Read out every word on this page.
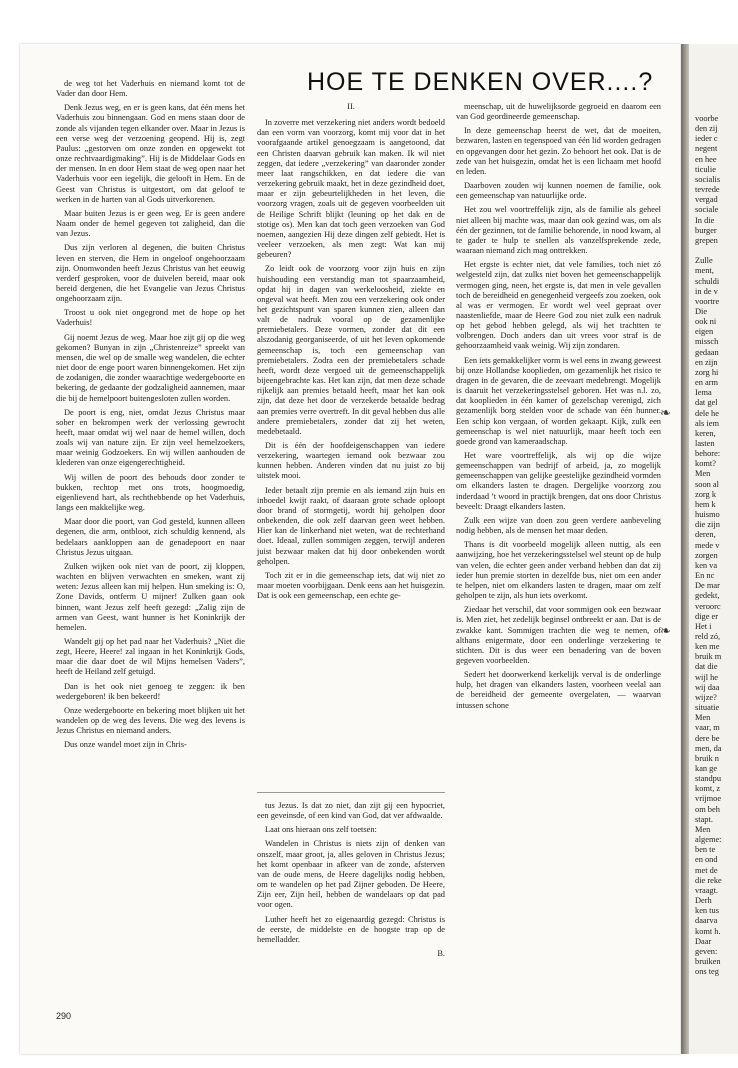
HOE TE DENKEN OVER....?

de weg tot het Vaderhuis en niemand komt tot de Vader dan door Hem.

Denk Jezus weg, en er is geen kans, dat één mens het Vaderhuis zou binnengaan. God en mens staan door de zonde als vijanden tegen elkander over. Maar in Jezus is een verse weg der verzoening geopend. Hij is, zegt Paulus: „gestorven om onze zonden en opgewekt tot onze rechtvaardigmaking”. Hij is de Middelaar Gods en der mensen. In en door Hem staat de weg open naar het Vaderhuis voor een iegelijk, die gelooft in Hem. En de Geest van Christus is uitgestort, om dat geloof te werken in de harten van al Gods uitverkorenen.

Maar buiten Jezus is er geen weg. Er is geen andere Naam onder de hemel gegeven tot zaligheid, dan die van Jezus.

Dus zijn verloren al degenen, die buiten Christus leven en sterven, die Hem in ongeloof ongehoorzaam zijn. Onomwonden heeft Jezus Christus van het eeuwig verderf gesproken, voor de duivelen bereid, maar ook bereid dergenen, die het Evangelie van Jezus Christus ongehoorzaam zijn.

Troost u ook niet ongegrond met de hope op het Vaderhuis!

Gij noemt Jezus de weg. Maar hoe zijt gij op die weg gekomen? Bunyan in zijn „Christenreize” spreekt van mensen, die wel op de smalle weg wandelen, die echter niet door de enge poort waren binnengekomen. Het zijn de zodanigen, die zonder waarachtige wedergeboorte en bekering, de gedaante der godzaligheid aannemen, maar die bij de hemelpoort buitengesloten zullen worden.

De poort is eng, niet, omdat Jezus Christus maar sober en bekrompen werk der verlossing gewrocht heeft, maar omdat wij wel naar de hemel willen, doch zoals wij van nature zijn. Er zijn veel hemelzoekers, maar weinig Godzoekers. En wij willen aanhouden de klederen van onze eigengerechtigheid.

Wij willen de poort des behouds door zonder te bukken, rechtop met ons trots, hoogmoedig, eigenlievend hart, als rechthebbende op het Vaderhuis, langs een makkelijke weg.

Maar door die poort, van God gesteld, kunnen alleen degenen, die arm, ontbloot, zich schuldig kennend, als bedelaars aankloppen aan de genadepoort en naar Christus Jezus uitgaan.

Zulken wijken ook niet van de poort, zij kloppen, wachten en blijven verwachten en smeken, want zij weten: Jezus alleen kan mij helpen. Hun smeking is: O, Zone Davids, ontferm U mijner! Zulken gaan ook binnen, want Jezus zelf heeft gezegd: „Zalig zijn de armen van Geest, want hunner is het Koninkrijk der hemelen.

Wandelt gij op het pad naar het Vaderhuis? „Niet die zegt, Heere, Heere! zal ingaan in het Koninkrijk Gods, maar die daar doet de wil Mijns hemelsen Vaders”, heeft de Heiland zelf getuigd.

Dan is het ook niet genoeg te zeggen: ik ben wedergeboren! ik ben bekeerd!

Onze wedergeboorte en bekering moet blijken uit het wandelen op de weg des levens. Die weg des levens is Jezus Christus en niemand anders.

Dus onze wandel moet zijn in Chris-

II.

In zoverre met verzekering niet anders wordt bedoeld dan een vorm van voorzorg, komt mij voor dat in het voorafgaande artikel genoegzaam is aangetoond, dat een Christen daarvan gebruik kan maken. Ik wil niet zeggen, dat iedere „verzekering” van daaronder zonder meer laat rangschikken, en dat iedere die van verzekering gebruik maakt, het in deze gezindheid doet, maar er zijn gebeurtelijkheden in het leven, die voorzorg vragen, zoals uit de gegeven voorbeelden uit de Heilige Schrift blijkt (leuning op het dak en de stotige os). Men kan dat toch geen verzoeken van God noemen, aangezien Hij deze dingen zelf gebiedt. Het is veeleer verzoeken, als men zegt: Wat kan mij gebeuren?

Zo leidt ook de voorzorg voor zijn huis en zijn huishouding een verstandig man tot spaarzaamheid, opdat hij in dagen van werkeloosheid, ziekte en ongeval wat heeft. Men zou een verzekering ook onder het gezichtspunt van sparen kunnen zien, alleen dan valt de nadruk vooral op de gezamenlijke premiebetalers. Deze vormen, zonder dat dit een alszodanig georganiseerde, of uit het leven opkomende gemeenschap is, toch een gemeenschap van premiebetalers. Zodra een der premiebetalers schade heeft, wordt deze vergoed uit de gemeenschappelijk bijeengebrachte kas. Het kan zijn, dat men deze schade rijkelijk aan premies betaald heeft, maar het kan ook zijn, dat deze het door de verzekerde betaalde bedrag aan premies verre overtreft. In dit geval hebben dus alle andere premiebetalers, zonder dat zij het weten, medebetaald.

Dit is één der hoofdeigenschappen van iedere verzekering, waartegen iemand ook bezwaar zou kunnen hebben. Anderen vinden dat nu juist zo bij uitstek mooi.

Ieder betaalt zijn premie en als iemand zijn huis en inboedel kwijt raakt, of daaraan grote schade oploopt door brand of stormgetij, wordt hij geholpen door onbekenden, die ook zelf daarvan geen weet hebben. Hier kan de linkerhand niet weten, wat de rechterhand doet. Ideaal, zullen sommigen zeggen, terwijl anderen juist bezwaar maken dat hij door onbekenden wordt geholpen.

Toch zit er in die gemeenschap iets, dat wij niet zo maar moeten voorbijgaan. Denk eens aan het huisgezin. Dat is ook een gemeenschap, een echte ge-

tus Jezus. Is dat zo niet, dan zijt gij een hypocriet, een geveinsde, of een kind van God, dat ver afdwaalde.

Laat ons hieraan ons zelf toetsen:

Wandelen in Christus is niets zijn of denken van onszelf, maar groot, ja, alles geloven in Christus Jezus; het komt openbaar in afkeer van de zonde, afsterven van de oude mens, de Heere dagelijks nodig hebben, om te wandelen op het pad Zijner geboden. De Heere, Zijn eer, Zijn heil, hebben de wandelaars op dat pad voor ogen.

Luther heeft het zo eigenaardig gezegd: Christus is de eerste, de middelste en de hoogste trap op de hemelladder.

B.

meenschap, uit de huwelijksorde gegroeid en daarom een van God geordineerde gemeenschap.

In deze gemeenschap heerst de wet, dat de moeiten, bezwaren, lasten en tegenspoed van één lid worden gedragen en opgevangen door het gezin. Zo behoort het ook. Dat is de zede van het huisgezin, omdat het is een lichaam met hoofd en leden.

Daarboven zouden wij kunnen noemen de familie, ook een gemeenschap van natuurlijke orde.

Het zou wel voortreffelijk zijn, als de familie als geheel niet alleen bij machte was, maar dan ook gezind was, om als één der gezinnen, tot de familie behorende, in nood kwam, al te gader te hulp te snellen als vanzelfsprekende zede, waaraan niemand zich mag onttrekken.

Het ergste is echter niet, dat vele families, toch niet zó welgesteld zijn, dat zulks niet boven het gemeenschappelijk vermogen ging, neen, het ergste is, dat men in vele gevallen toch de bereidheid en genegenheid vergeefs zou zoeken, ook al was er vermogen. Er wordt wel veel gepraat over naastenliefde, maar de Heere God zou niet zulk een nadruk op het gebod hebben gelegd, als wij het trachtten te volbrengen. Doch anders dan uit vrees voor straf is de gehoorzaamheid vaak weinig. Wij zijn zondaren.

Een iets gemakkelijker vorm is wel eens in zwang geweest bij onze Hollandse kooplieden, om gezamenlijk het risico te dragen in de gevaren, die de zeevaart medebrengt. Mogelijk is daaruit het verzekeringsstelsel geboren. Het was n.l. zo, dat kooplieden in één kamer of gezelschap verenigd, zich gezamenlijk borg stelden voor de schade van één hunner. Een schip kon vergaan, of worden gekaapt. Kijk, zulk een gemeenschap is wel niet natuurlijk, maar heeft toch een goede grond van kameraadschap.

Het ware voortreffelijk, als wij op die wijze gemeenschappen van bedrijf of arbeid, ja, zo mogelijk gemeenschappen van gelijke geestelijke gezindheid vormden om elkanders lasten te dragen. Dergelijke voorzorg zou inderdaad ’t woord in practijk brengen, dat ons door Christus beveelt: Draagt elkanders lasten.

Zulk een wijze van doen zou geen verdere aanbeveling nodig hebben, als de mensen het maar deden.

Thans is dit voorbeeld mogelijk alleen nuttig, als een aanwijzing, hoe het verzekeringsstelsel wel steunt op de hulp van velen, die echter geen ander verband hebben dan dat zij ieder hun premie storten in dezelfde bus, niet om een ander te helpen, niet om elkanders lasten te dragen, maar om zelf geholpen te zijn, als hun iets overkomt.

Ziedaar het verschil, dat voor sommigen ook een bezwaar is. Men ziet, het zedelijk beginsel ontbreekt er aan. Dat is de zwakke kant. Sommigen trachten die weg te nemen, of althans enigermate, door een onderlinge verzekering te stichten. Dit is dus weer een benadering van de boven gegeven voorbeelden.

Sedert het doorwerkend kerkelijk verval is de onderlinge hulp, het dragen van elkanders lasten, voorheen veelal aan de bereidheid der gemeente overgelaten, — waarvan intussen schone

❧
❧
290

voorbe

den zij

ieder c

negent

en hee

ticulie

socialis

tevrede

vergad

sociale

In die

burger

grepen

Zulle

ment,

schuldi

in de v

voortre

Die

ook ni

eigen

missch

gedaan

en zijn

zorg hi

en arm

Iema

dat gel

dele he

als iem

keren,

lasten

behore:

komt?

Men

soon al

zorg k

hem k

huismo

die zijn

deren,

mede v

zorgen

ken va

En nc

De mar

gedekt,

veroorc

dige er

Het i

reld zó,

ken me

bruik m

dat die

wijl he

wij daa

wijze?

situatie

Men

vaar, m

dere be

men, da

bruik n

kan ge

standpu

komt, z

vrijmoe

om beh

stapt.

Men

algeme:

ben te

en ond

met de

die reke

vraagt.

Derh

ken tus

daarva

komt h.

Daar

geven:

bruiken

ons teg
